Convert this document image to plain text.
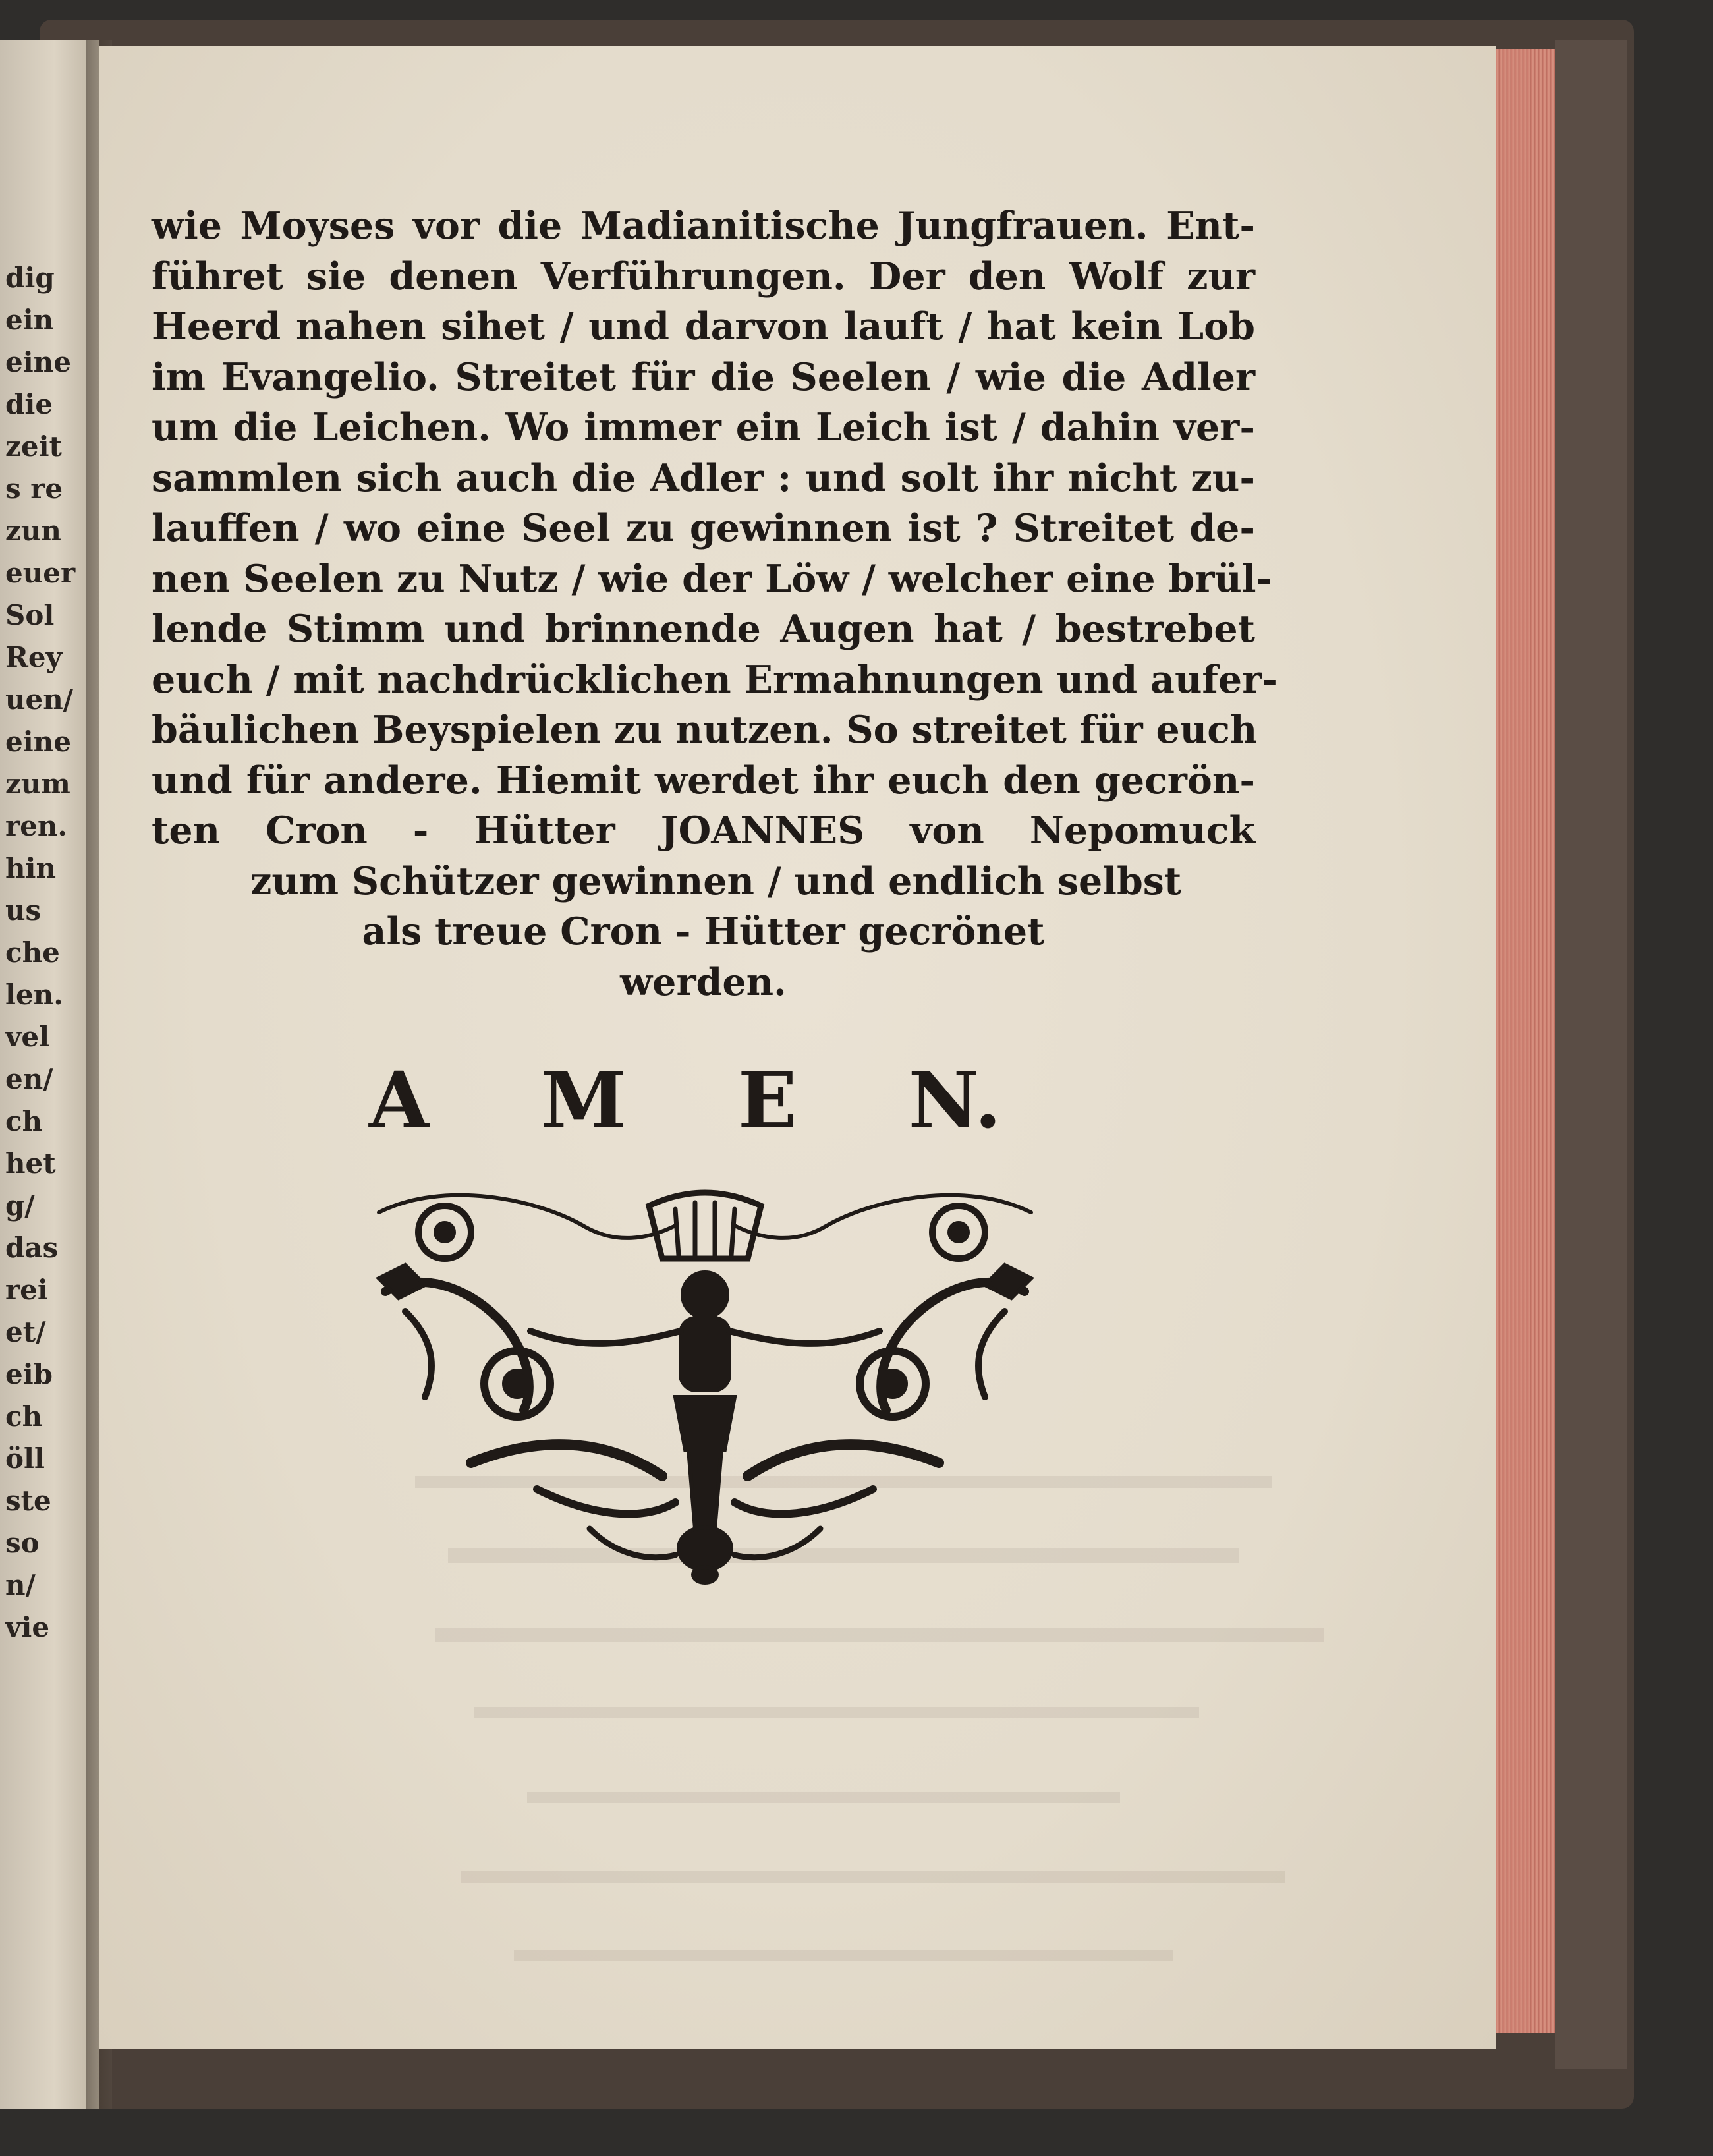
dig
ein
eine
die
zeit
s re
zun
euer
Sol
Rey
uen/
eine
zum
ren.
hin
us
che
len.
vel
en/
ch
het
g/
das
rei
et/
eib
ch
öll
ste
so
n/
vie
wie Moyses vor die Madianitische Jungfrauen. Ent-
führet sie denen Verführungen. Der den Wolf zur
Heerd nahen sihet / und darvon lauft / hat kein Lob
im Evangelio. Streitet für die Seelen / wie die Adler
um die Leichen. Wo immer ein Leich ist / dahin ver-
sammlen sich auch die Adler : und solt ihr nicht zu-
lauffen / wo eine Seel zu gewinnen ist ? Streitet de-
nen Seelen zu Nutz / wie der Löw / welcher eine brül-
lende Stimm und brinnende Augen hat / bestrebet
euch / mit nachdrücklichen Ermahnungen und aufer-
bäulichen Beyspielen zu nutzen. So streitet für euch
und für andere. Hiemit werdet ihr euch den gecrön-
ten Cron - Hütter JOANNES von Nepomuck
zum Schützer gewinnen / und endlich selbst
als treue Cron - Hütter gecrönet
werden.
A M E N.
